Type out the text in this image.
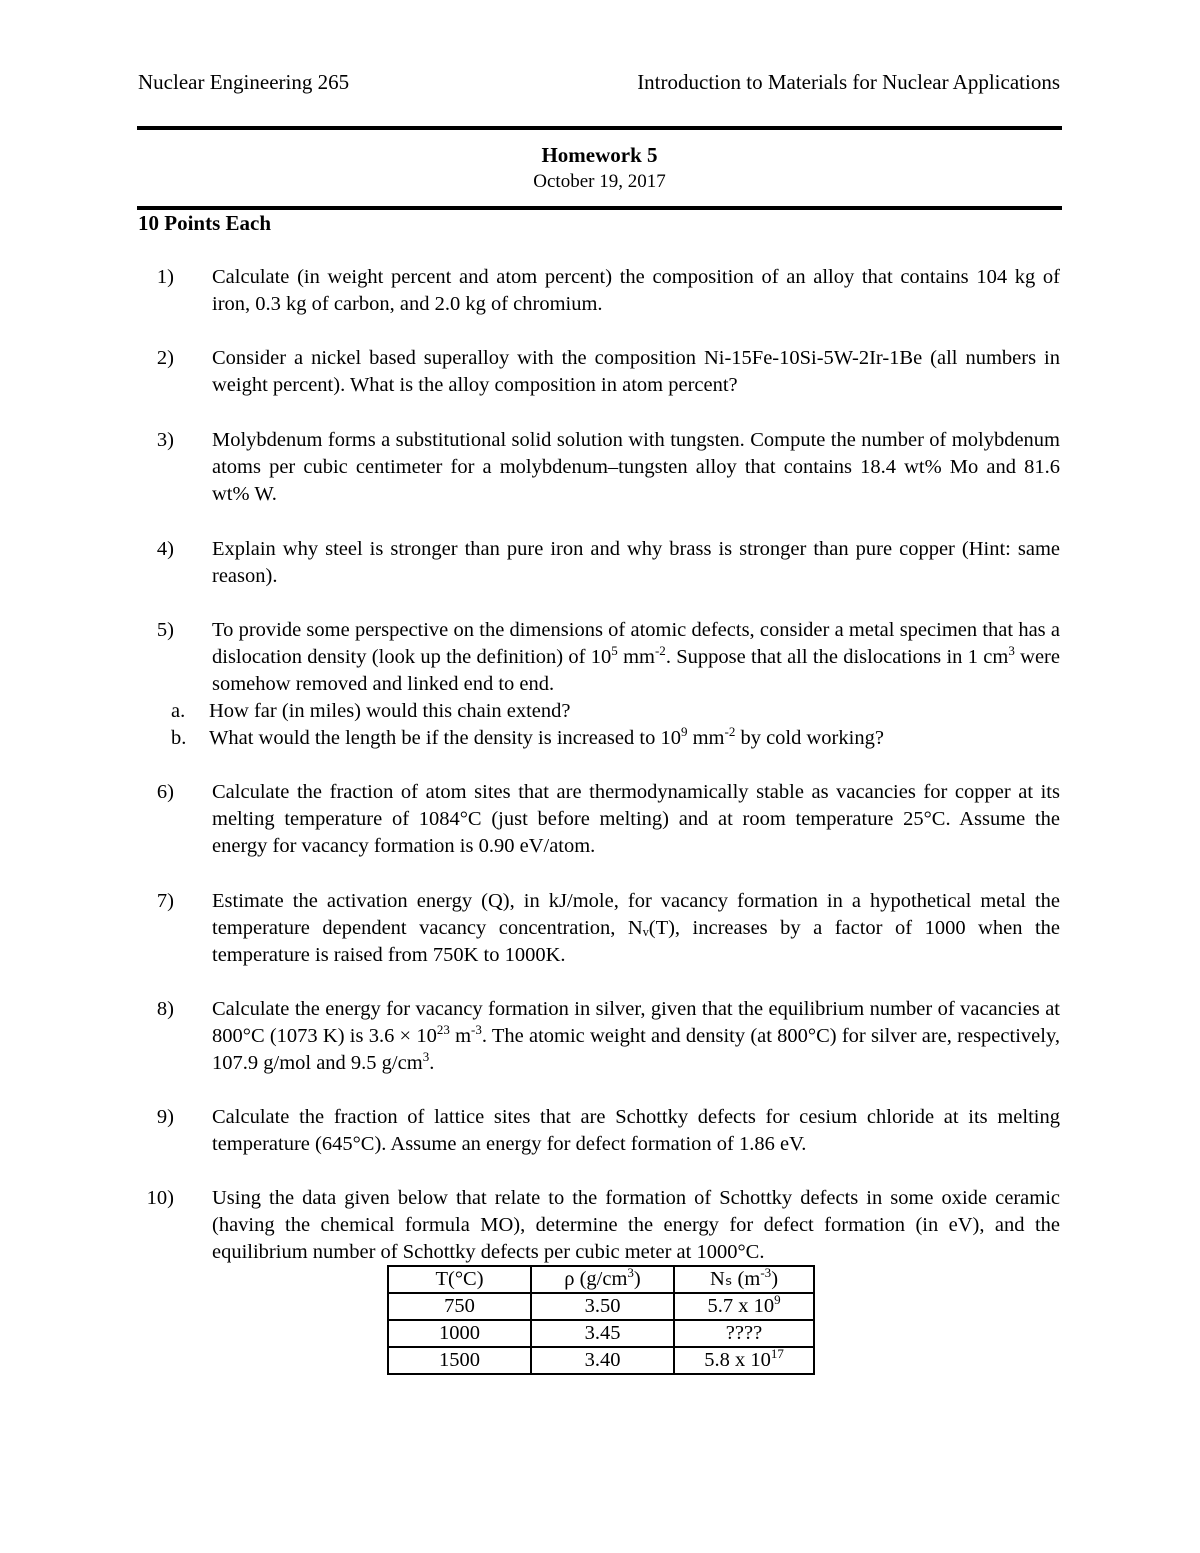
Nuclear Engineering 265	Introduction to Materials for Nuclear Applications
Homework 5
October 19, 2017
10 Points Each
1) Calculate (in weight percent and atom percent) the composition of an alloy that contains 104 kg of iron, 0.3 kg of carbon, and 2.0 kg of chromium.
2) Consider a nickel based superalloy with the composition Ni-15Fe-10Si-5W-2Ir-1Be (all numbers in weight percent). What is the alloy composition in atom percent?
3) Molybdenum forms a substitutional solid solution with tungsten. Compute the number of molybdenum atoms per cubic centimeter for a molybdenum–tungsten alloy that contains 18.4 wt% Mo and 81.6 wt% W.
4) Explain why steel is stronger than pure iron and why brass is stronger than pure copper (Hint: same reason).
5) To provide some perspective on the dimensions of atomic defects, consider a metal specimen that has a dislocation density (look up the definition) of $10^5$ $mm^{-2}$. Suppose that all the dislocations in 1 $cm^3$ were somehow removed and linked end to end.
a. How far (in miles) would this chain extend?
b. What would the length be if the density is increased to $10^9$ $mm^{-2}$ by cold working?
6) Calculate the fraction of atom sites that are thermodynamically stable as vacancies for copper at its melting temperature of 1084°C (just before melting) and at room temperature 25°C. Assume the energy for vacancy formation is 0.90 eV/atom.
7) Estimate the activation energy (Q), in kJ/mole, for vacancy formation in a hypothetical metal the temperature dependent vacancy concentration, Nᵥ(T), increases by a factor of 1000 when the temperature is raised from 750K to 1000K.
8) Calculate the energy for vacancy formation in silver, given that the equilibrium number of vacancies at 800°C (1073 K) is $3.6 \times 10^{23}$ $m^{-3}$. The atomic weight and density (at 800°C) for silver are, respectively, 107.9 g/mol and 9.5 $g/cm^3$.
9) Calculate the fraction of lattice sites that are Schottky defects for cesium chloride at its melting temperature (645°C). Assume an energy for defect formation of 1.86 eV.
10) Using the data given below that relate to the formation of Schottky defects in some oxide ceramic (having the chemical formula MO), determine the energy for defect formation (in eV), and the equilibrium number of Schottky defects per cubic meter at 1000°C.
T(°C)	ρ $(g/cm^3)$	Nₛ $(m^{-3})$
750	3.50	5.7 x $10^9$
1000	3.45	????
1500	3.40	5.8 x $10^{17}$
